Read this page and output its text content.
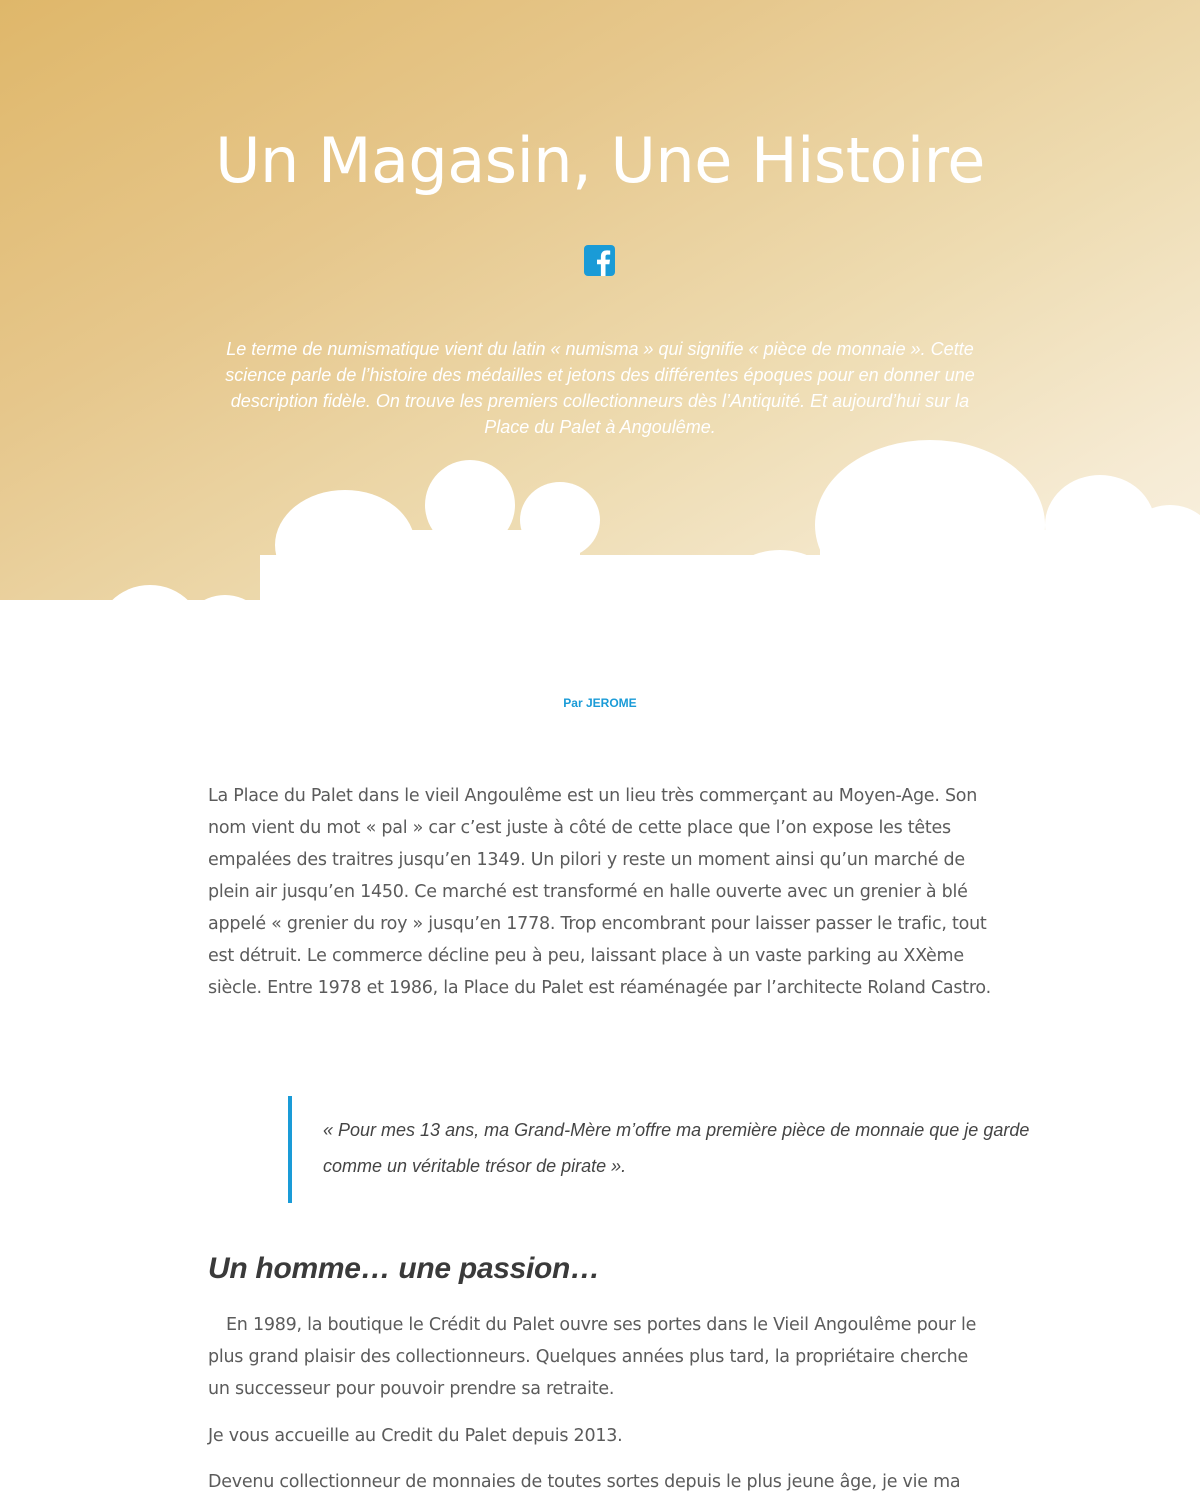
Un Magasin, Une Histoire

Le terme de numismatique vient du latin « numisma » qui signifie « pièce de monnaie ». Cette science parle de l’histoire des médailles et jetons des différentes époques pour en donner une description fidèle. On trouve les premiers collectionneurs dès l’Antiquité. Et aujourd’hui sur la Place du Palet à Angoulême.

Par JEROME

La Place du Palet dans le vieil Angoulême est un lieu très commerçant au Moyen-Age. Son nom vient du mot « pal » car c’est juste à côté de cette place que l’on expose les têtes empalées des traitres jusqu’en 1349. Un pilori y reste un moment ainsi qu’un marché de plein air jusqu’en 1450. Ce marché est transformé en halle ouverte avec un grenier à blé appelé « grenier du roy » jusqu’en 1778. Trop encombrant pour laisser passer le trafic, tout est détruit. Le commerce décline peu à peu, laissant place à un vaste parking au XXème siècle. Entre 1978 et 1986, la Place du Palet est réaménagée par l’architecte Roland Castro.

« Pour mes 13 ans, ma Grand-Mère m’offre ma première pièce de monnaie que je garde comme un véritable trésor de pirate ».

Un homme… une passion…

En 1989, la boutique le Crédit du Palet ouvre ses portes dans le Vieil Angoulême pour le plus grand plaisir des collectionneurs. Quelques années plus tard, la propriétaire cherche un successeur pour pouvoir prendre sa retraite.

Je vous accueille au Credit du Palet depuis 2013.

Devenu collectionneur de monnaies de toutes sortes depuis le plus jeune âge, je vie ma
